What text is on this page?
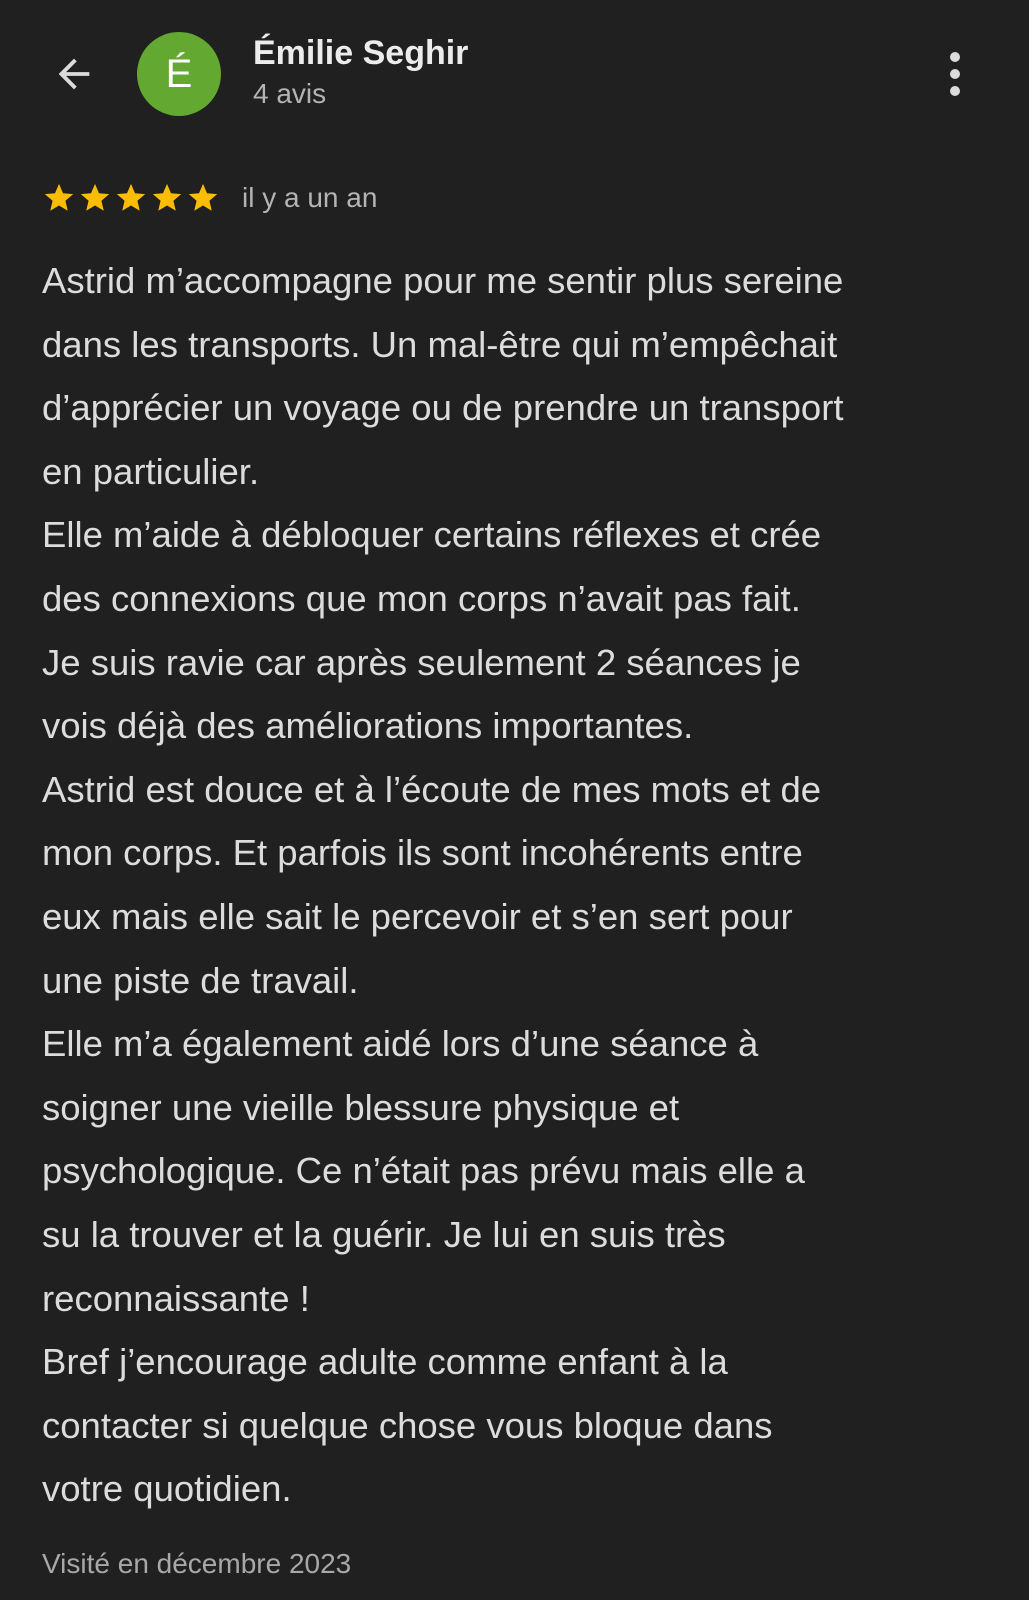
É Émilie Seghir
4 avis
il y a un an
Astrid m’accompagne pour me sentir plus sereine
dans les transports. Un mal-être qui m’empêchait
d’apprécier un voyage ou de prendre un transport
en particulier.
Elle m’aide à débloquer certains réflexes et crée
des connexions que mon corps n’avait pas fait.
Je suis ravie car après seulement 2 séances je
vois déjà des améliorations importantes.
Astrid est douce et à l’écoute de mes mots et de
mon corps. Et parfois ils sont incohérents entre
eux mais elle sait le percevoir et s’en sert pour
une piste de travail.
Elle m’a également aidé lors d’une séance à
soigner une vieille blessure physique et
psychologique. Ce n’était pas prévu mais elle a
su la trouver et la guérir. Je lui en suis très
reconnaissante !
Bref j’encourage adulte comme enfant à la
contacter si quelque chose vous bloque dans
votre quotidien.
Visité en décembre 2023
